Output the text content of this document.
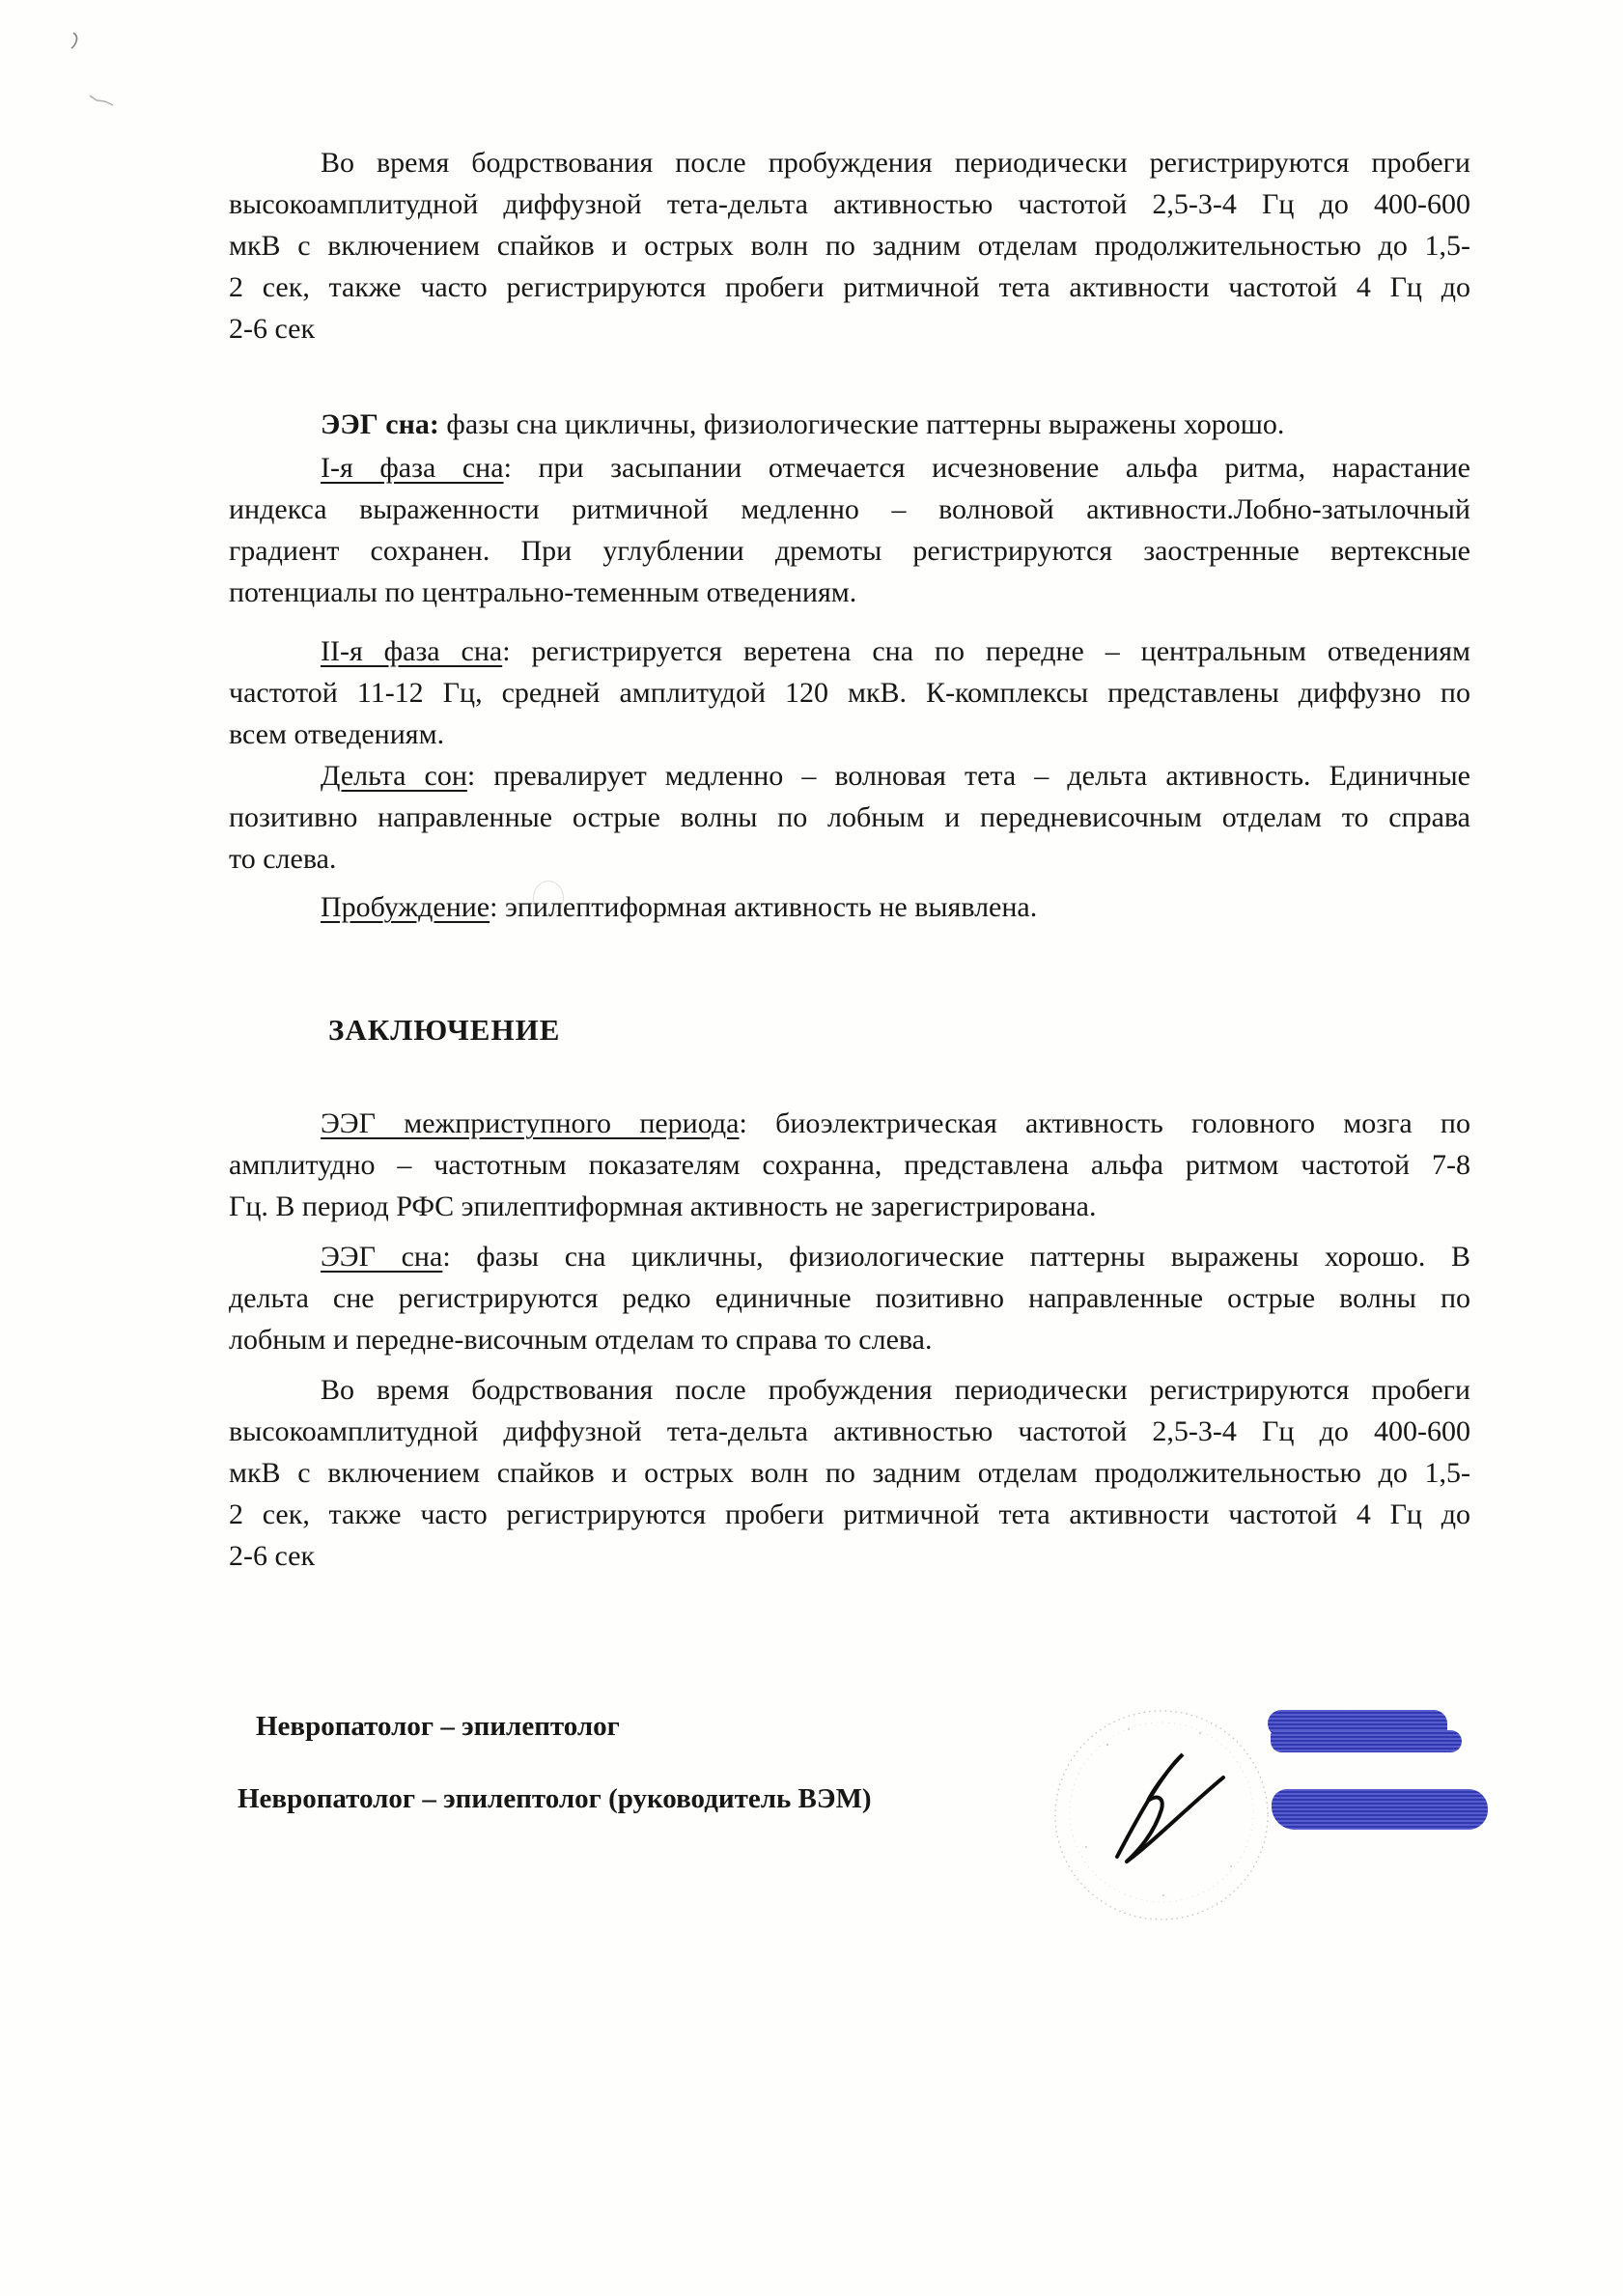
Во время бодрствования после пробуждения периодически регистрируются пробеги
высокоамплитудной диффузной тета-дельта активностью частотой 2,5-3-4 Гц до 400-600
мкВ с включением спайков и острых волн по задним отделам продолжительностью до 1,5-
2 сек, также часто регистрируются пробеги ритмичной тета активности частотой 4 Гц до
2-6 сек
ЭЭГ сна: фазы сна цикличны, физиологические паттерны выражены хорошо.
I-я фаза сна: при засыпании отмечается исчезновение альфа ритма, нарастание
индекса выраженности ритмичной медленно – волновой активности.Лобно-затылочный
градиент сохранен. При углублении дремоты регистрируются заостренные вертексные
потенциалы по центрально-теменным отведениям.
II-я фаза сна: регистрируется веретена сна по передне – центральным отведениям
частотой 11-12 Гц, средней амплитудой 120 мкВ. К-комплексы представлены диффузно по
всем отведениям.
Дельта сон: превалирует медленно – волновая тета – дельта активность. Единичные
позитивно направленные острые волны по лобным и передневисочным отделам то справа
то слева.
Пробуждение: эпилептиформная активность не выявлена.
ЗАКЛЮЧЕНИЕ
ЭЭГ межприступного периода: биоэлектрическая активность головного мозга по
амплитудно – частотным показателям сохранна, представлена альфа ритмом частотой 7-8
Гц. В период РФС эпилептиформная активность не зарегистрирована.
ЭЭГ сна: фазы сна цикличны, физиологические паттерны выражены хорошо. В
дельта сне регистрируются редко единичные позитивно направленные острые волны по
лобным и передне-височным отделам то справа то слева.
Во время бодрствования после пробуждения периодически регистрируются пробеги
высокоамплитудной диффузной тета-дельта активностью частотой 2,5-3-4 Гц до 400-600
мкВ с включением спайков и острых волн по задним отделам продолжительностью до 1,5-
2 сек, также часто регистрируются пробеги ритмичной тета активности частотой 4 Гц до
2-6 сек
Невропатолог – эпилептолог
Невропатолог – эпилептолог (руководитель ВЭМ)
